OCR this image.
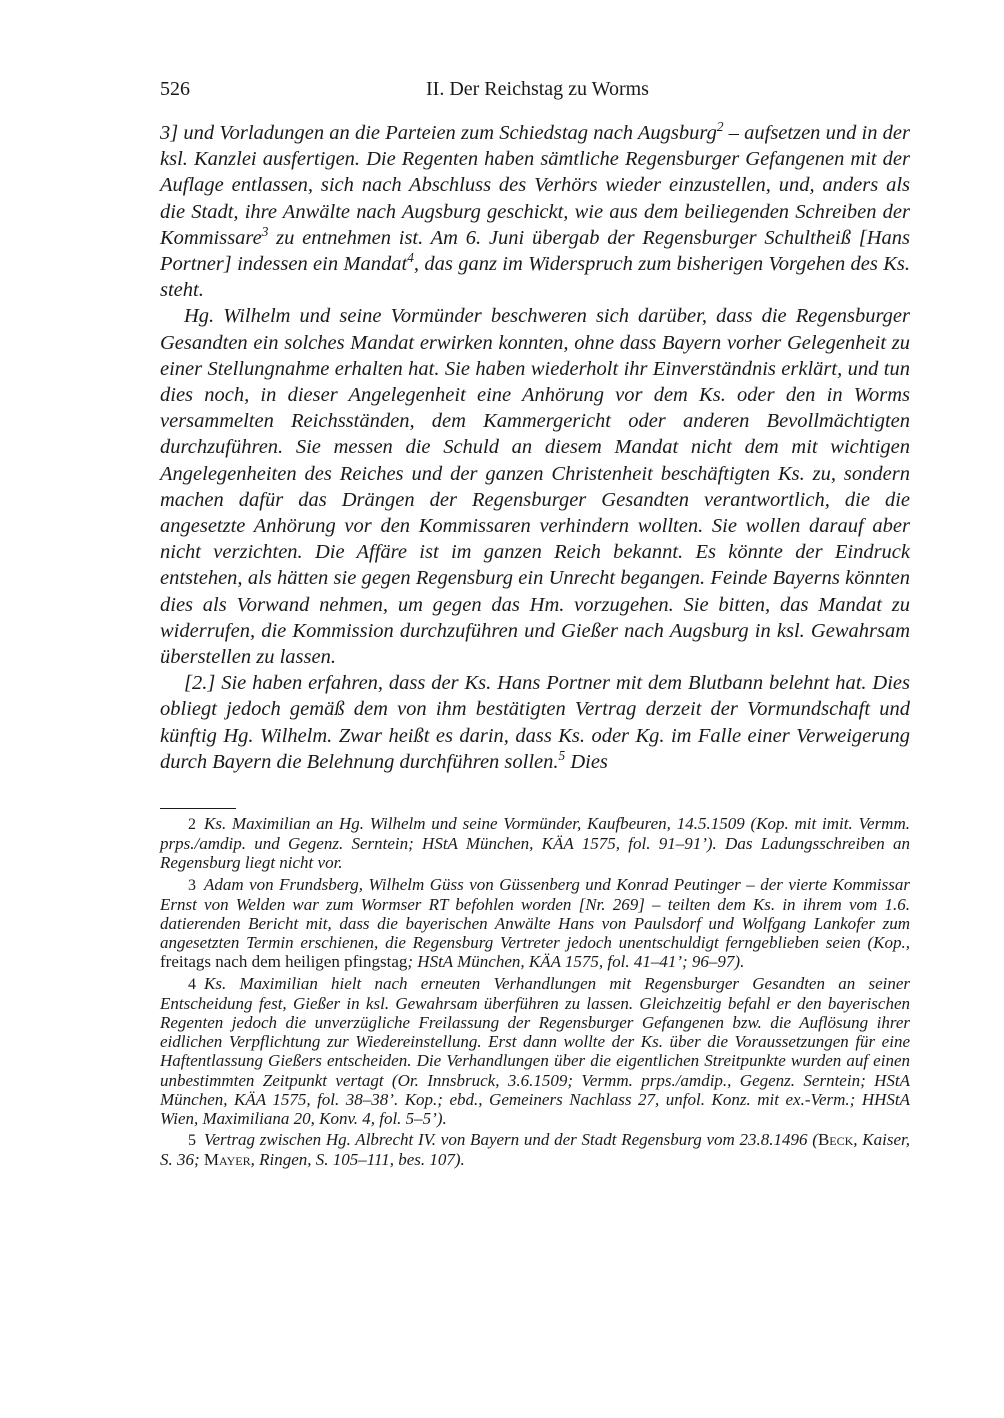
526	II. Der Reichstag zu Worms

3] und Vorladungen an die Parteien zum Schiedstag nach Augsburg$^2$ – aufsetzen und in der ksl. Kanzlei ausfertigen. Die Regenten haben sämtliche Regensburger Gefangenen mit der Auflage entlassen, sich nach Abschluss des Verhörs wieder einzustellen, und, anders als die Stadt, ihre Anwälte nach Augsburg geschickt, wie aus dem beiliegenden Schreiben der Kommissare$^3$ zu entnehmen ist. Am 6. Juni übergab der Regensburger Schultheiß [Hans Portner] indessen ein Mandat$^4$, das ganz im Widerspruch zum bisherigen Vorgehen des Ks. steht.

Hg. Wilhelm und seine Vormünder beschweren sich darüber, dass die Regensburger Gesandten ein solches Mandat erwirken konnten, ohne dass Bayern vorher Gelegenheit zu einer Stellungnahme erhalten hat. Sie haben wiederholt ihr Einverständnis erklärt, und tun dies noch, in dieser Angelegenheit eine Anhörung vor dem Ks. oder den in Worms versammelten Reichsständen, dem Kammergericht oder anderen Bevollmächtigten durchzuführen. Sie messen die Schuld an diesem Mandat nicht dem mit wichtigen Angelegenheiten des Reiches und der ganzen Christenheit beschäftigten Ks. zu, sondern machen dafür das Drängen der Regensburger Gesandten verantwortlich, die die angesetzte Anhörung vor den Kommissaren verhindern wollten. Sie wollen darauf aber nicht verzichten. Die Affäre ist im ganzen Reich bekannt. Es könnte der Eindruck entstehen, als hätten sie gegen Regensburg ein Unrecht begangen. Feinde Bayerns könnten dies als Vorwand nehmen, um gegen das Hm. vorzugehen. Sie bitten, das Mandat zu widerrufen, die Kommission durchzuführen und Gießer nach Augsburg in ksl. Gewahrsam überstellen zu lassen.

[2.] Sie haben erfahren, dass der Ks. Hans Portner mit dem Blutbann belehnt hat. Dies obliegt jedoch gemäß dem von ihm bestätigten Vertrag derzeit der Vormundschaft und künftig Hg. Wilhelm. Zwar heißt es darin, dass Ks. oder Kg. im Falle einer Verweigerung durch Bayern die Belehnung durchführen sollen.$^5$ Dies

2 Ks. Maximilian an Hg. Wilhelm und seine Vormünder, Kaufbeuren, 14.5.1509 (Kop. mit imit. Vermm. prps./amdip. und Gegenz. Serntein; HStA München, KÄA 1575, fol. 91–91’). Das Ladungsschreiben an Regensburg liegt nicht vor.

3 Adam von Frundsberg, Wilhelm Güss von Güssenberg und Konrad Peutinger – der vierte Kommissar Ernst von Welden war zum Wormser RT befohlen worden [Nr. 269] – teilten dem Ks. in ihrem vom 1.6. datierenden Bericht mit, dass die bayerischen Anwälte Hans von Paulsdorf und Wolfgang Lankofer zum angesetzten Termin erschienen, die Regensburg Vertreter jedoch unentschuldigt ferngeblieben seien (Kop., freitags nach dem heiligen pfingstag; HStA München, KÄA 1575, fol. 41–41’; 96–97).

4 Ks. Maximilian hielt nach erneuten Verhandlungen mit Regensburger Gesandten an seiner Entscheidung fest, Gießer in ksl. Gewahrsam überführen zu lassen. Gleichzeitig befahl er den bayerischen Regenten jedoch die unverzügliche Freilassung der Regensburger Gefangenen bzw. die Auflösung ihrer eidlichen Verpflichtung zur Wiedereinstellung. Erst dann wollte der Ks. über die Voraussetzungen für eine Haftentlassung Gießers entscheiden. Die Verhandlungen über die eigentlichen Streitpunkte wurden auf einen unbestimmten Zeitpunkt vertagt (Or. Innsbruck, 3.6.1509; Vermm. prps./amdip., Gegenz. Serntein; HStA München, KÄA 1575, fol. 38–38’. Kop.; ebd., Gemeiners Nachlass 27, unfol. Konz. mit ex.-Verm.; HHStA Wien, Maximiliana 20, Konv. 4, fol. 5–5’).

5 Vertrag zwischen Hg. Albrecht IV. von Bayern und der Stadt Regensburg vom 23.8.1496 (Beck, Kaiser, S. 36; Mayer, Ringen, S. 105–111, bes. 107).
